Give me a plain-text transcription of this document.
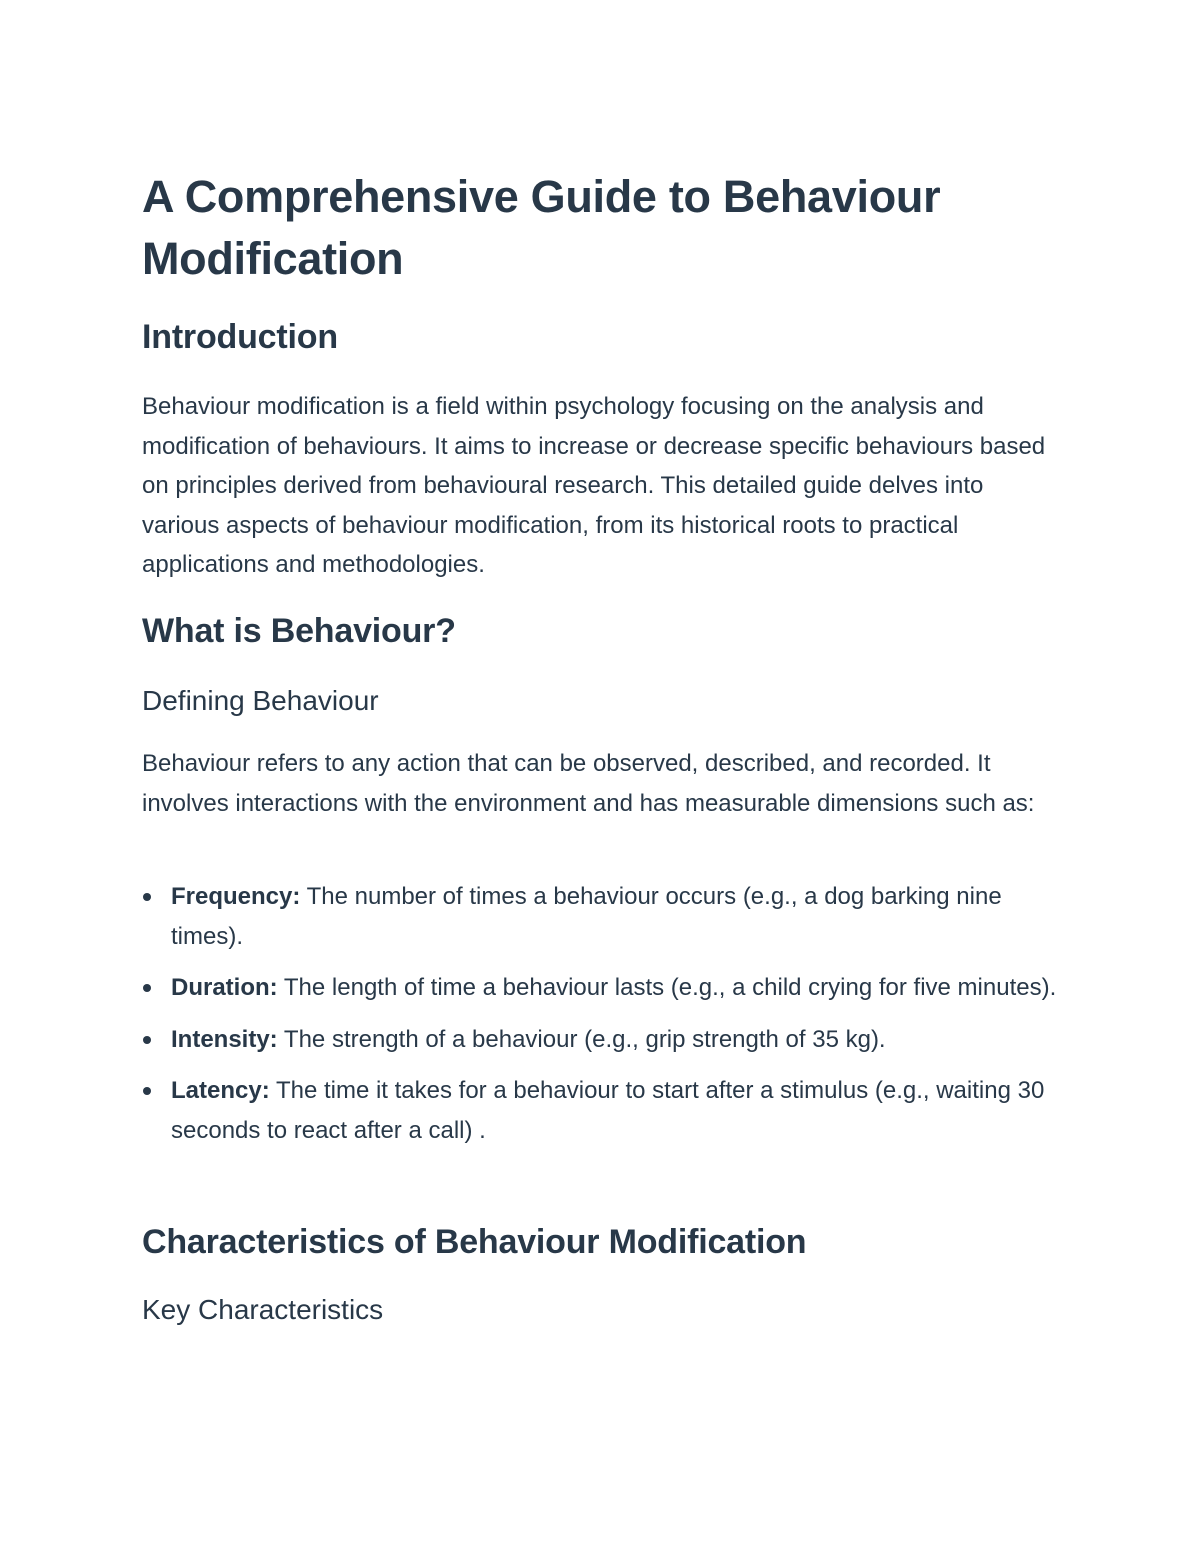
A Comprehensive Guide to Behaviour Modification
Introduction

Behaviour modification is a field within psychology focusing on the analysis and modification of behaviours. It aims to increase or decrease specific behaviours based on principles derived from behavioural research. This detailed guide delves into various aspects of behaviour modification, from its historical roots to practical applications and methodologies.

What is Behaviour?
Defining Behaviour

Behaviour refers to any action that can be observed, described, and recorded. It involves interactions with the environment and has measurable dimensions such as:

Frequency: The number of times a behaviour occurs (e.g., a dog barking nine times).
Duration: The length of time a behaviour lasts (e.g., a child crying for five minutes).
Intensity: The strength of a behaviour (e.g., grip strength of 35 kg).
Latency: The time it takes for a behaviour to start after a stimulus (e.g., waiting 30 seconds to react after a call) .
Characteristics of Behaviour Modification
Key Characteristics
